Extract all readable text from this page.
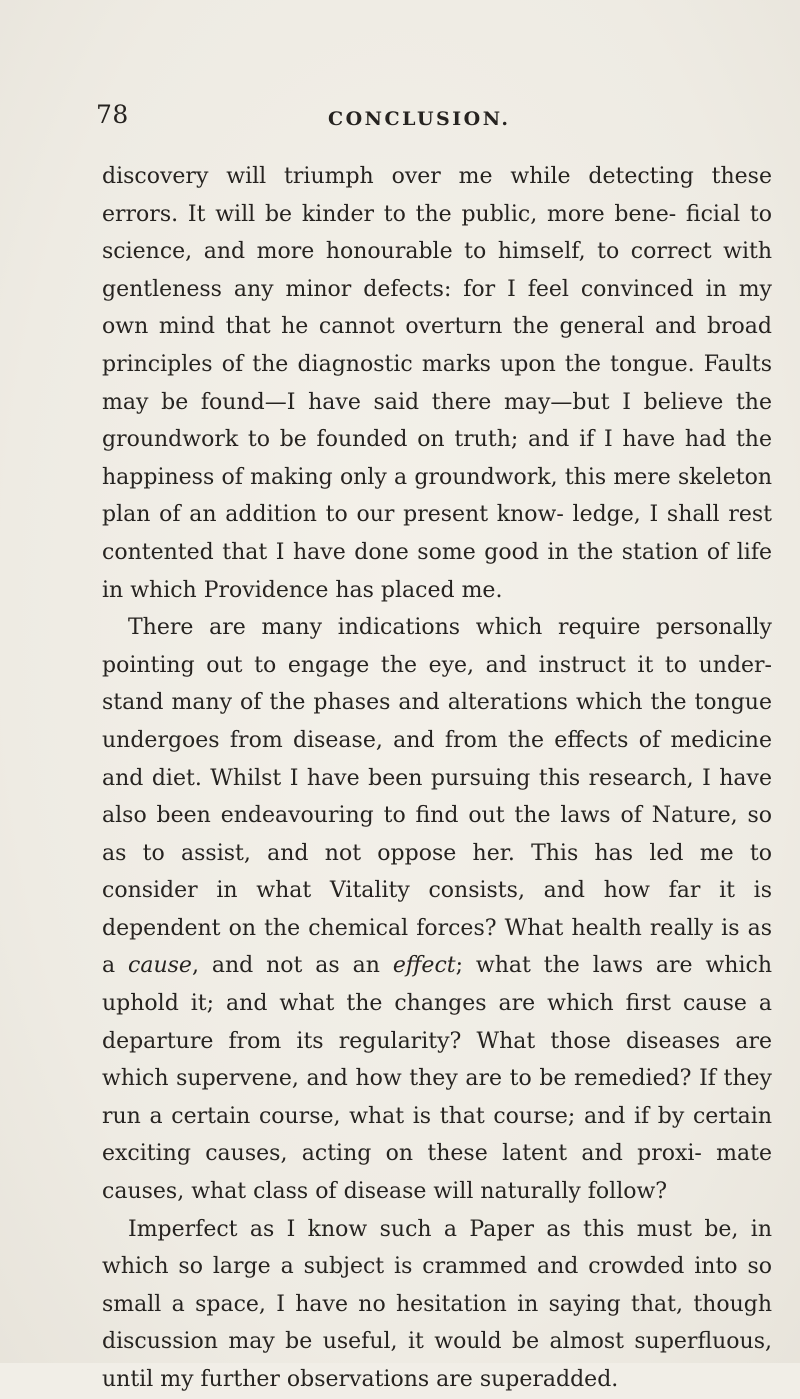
78	CONCLUSION.

discovery will triumph over me while detecting these errors. It will be kinder to the public, more bene- ficial to science, and more honourable to himself, to correct with gentleness any minor defects: for I feel convinced in my own mind that he cannot overturn the general and broad principles of the diagnostic marks upon the tongue. Faults may be found—I have said there may—but I believe the groundwork to be founded on truth; and if I have had the happiness of making only a groundwork, this mere skeleton plan of an addition to our present know- ledge, I shall rest contented that I have done some good in the station of life in which Providence has placed me.

There are many indications which require personally pointing out to engage the eye, and instruct it to under- stand many of the phases and alterations which the tongue undergoes from disease, and from the effects of medicine and diet. Whilst I have been pursuing this research, I have also been endeavouring to find out the laws of Nature, so as to assist, and not oppose her. This has led me to consider in what Vitality consists, and how far it is dependent on the chemical forces? What health really is as a cause, and not as an effect; what the laws are which uphold it; and what the changes are which first cause a departure from its regularity? What those diseases are which supervene, and how they are to be remedied? If they run a certain course, what is that course; and if by certain exciting causes, acting on these latent and proxi- mate causes, what class of disease will naturally follow?

Imperfect as I know such a Paper as this must be, in which so large a subject is crammed and crowded into so small a space, I have no hesitation in saying that, though discussion may be useful, it would be almost superfluous, until my further observations are superadded.
